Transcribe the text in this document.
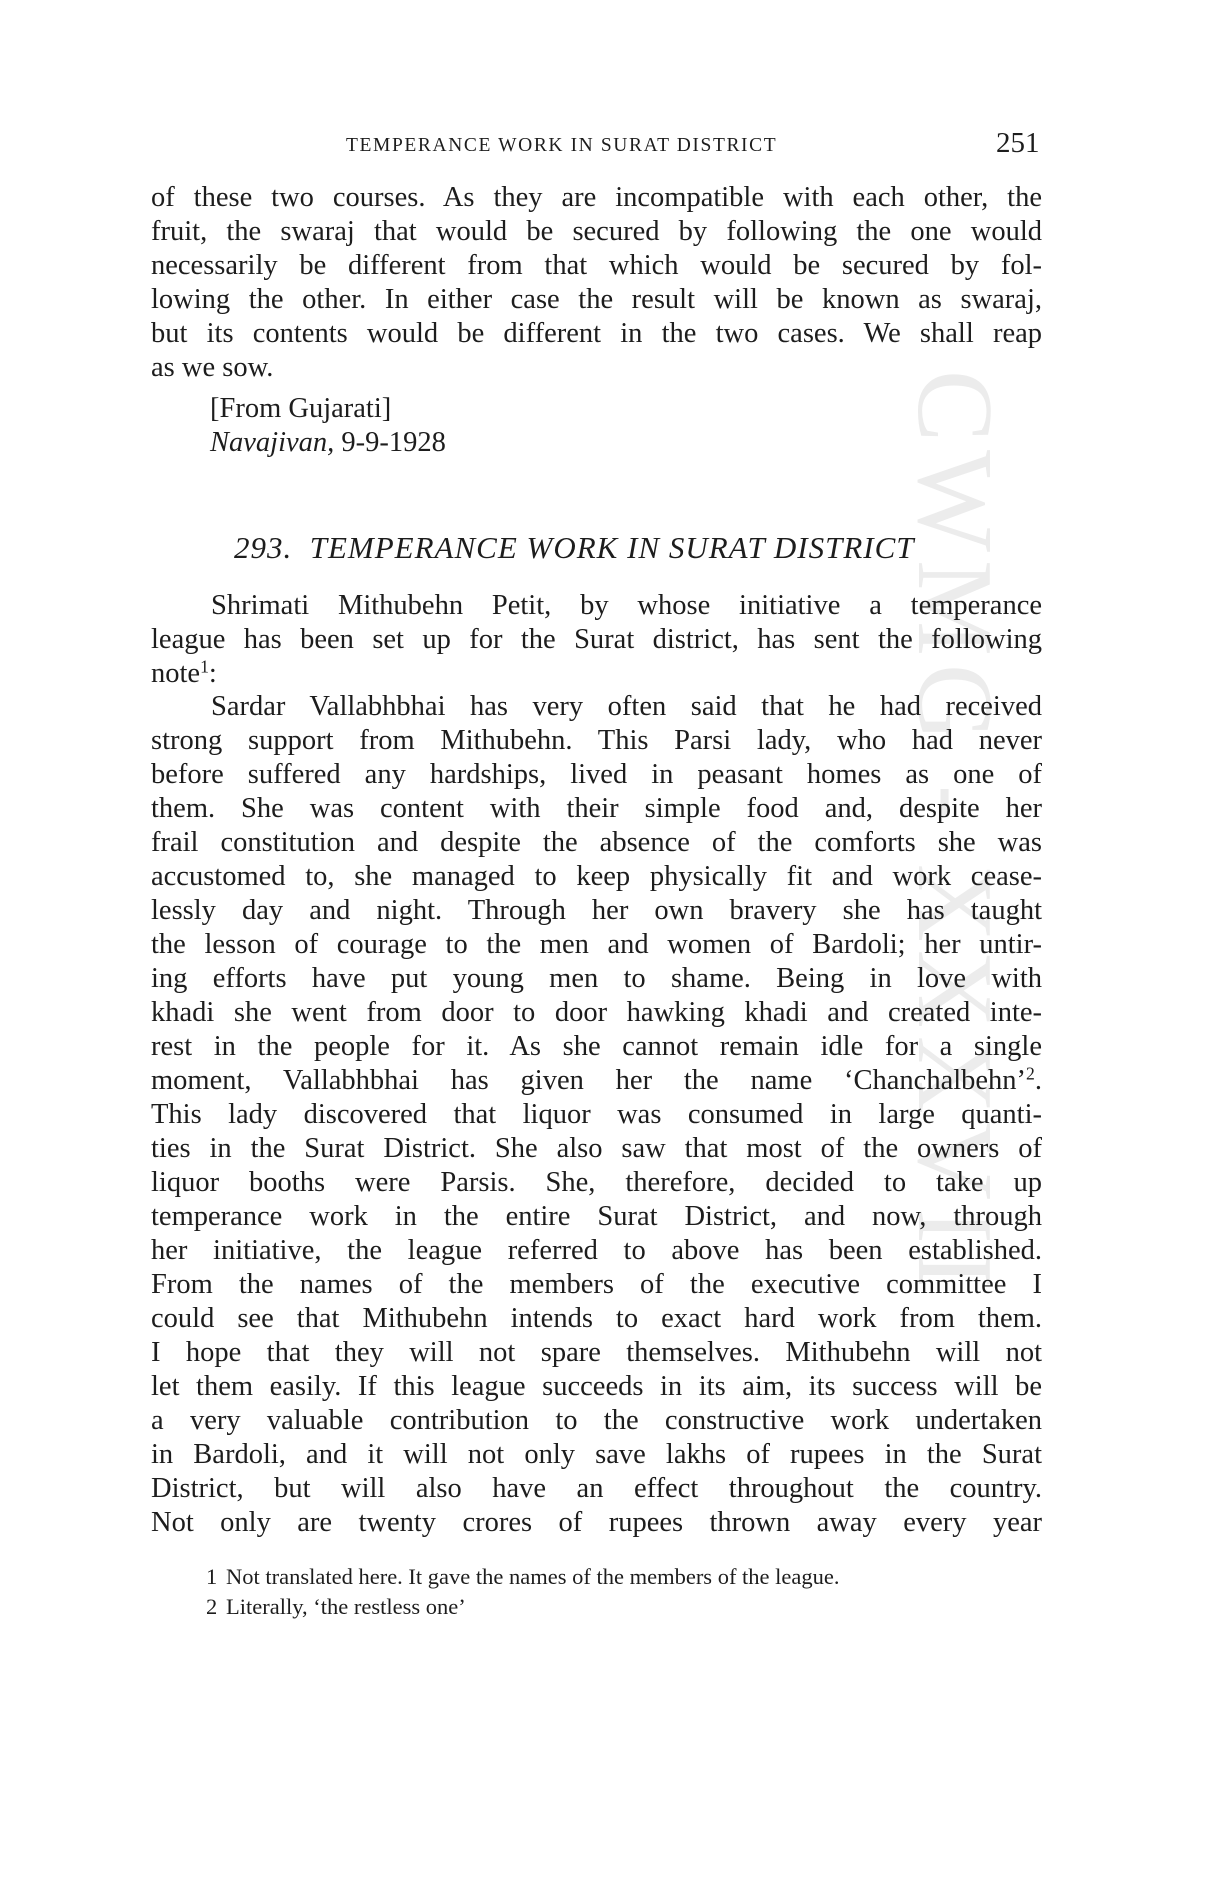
CWMG - XXXVII
TEMPERANCE WORK IN SURAT DISTRICT	251
of these two courses. As they are incompatible with each other, the
fruit, the swaraj that would be secured by following the one would
necessarily be different from that which would be secured by fol-
lowing the other. In either case the result will be known as swaraj,
but its contents would be different in the two cases. We shall reap
as we sow.
[From Gujarati]
Navajivan, 9-9-1928
293. TEMPERANCE WORK IN SURAT DISTRICT
Shrimati Mithubehn Petit, by whose initiative a temperance
league has been set up for the Surat district, has sent the following
note$^1$:
Sardar Vallabhbhai has very often said that he had received
strong support from Mithubehn. This Parsi lady, who had never
before suffered any hardships, lived in peasant homes as one of
them. She was content with their simple food and, despite her
frail constitution and despite the absence of the comforts she was
accustomed to, she managed to keep physically fit and work cease-
lessly day and night. Through her own bravery she has taught
the lesson of courage to the men and women of Bardoli; her untir-
ing efforts have put young men to shame. Being in love with
khadi she went from door to door hawking khadi and created inte-
rest in the people for it. As she cannot remain idle for a single
moment, Vallabhbhai has given her the name ‘Chanchalbehn’$^2$.
This lady discovered that liquor was consumed in large quanti-
ties in the Surat District. She also saw that most of the owners of
liquor booths were Parsis. She, therefore, decided to take up
temperance work in the entire Surat District, and now, through
her initiative, the league referred to above has been established.
From the names of the members of the executive committee I
could see that Mithubehn intends to exact hard work from them.
I hope that they will not spare themselves. Mithubehn will not
let them easily. If this league succeeds in its aim, its success will be
a very valuable contribution to the constructive work undertaken
in Bardoli, and it will not only save lakhs of rupees in the Surat
District, but will also have an effect throughout the country.
Not only are twenty crores of rupees thrown away every year
1 Not translated here. It gave the names of the members of the league.
2 Literally, ‘the restless one’
